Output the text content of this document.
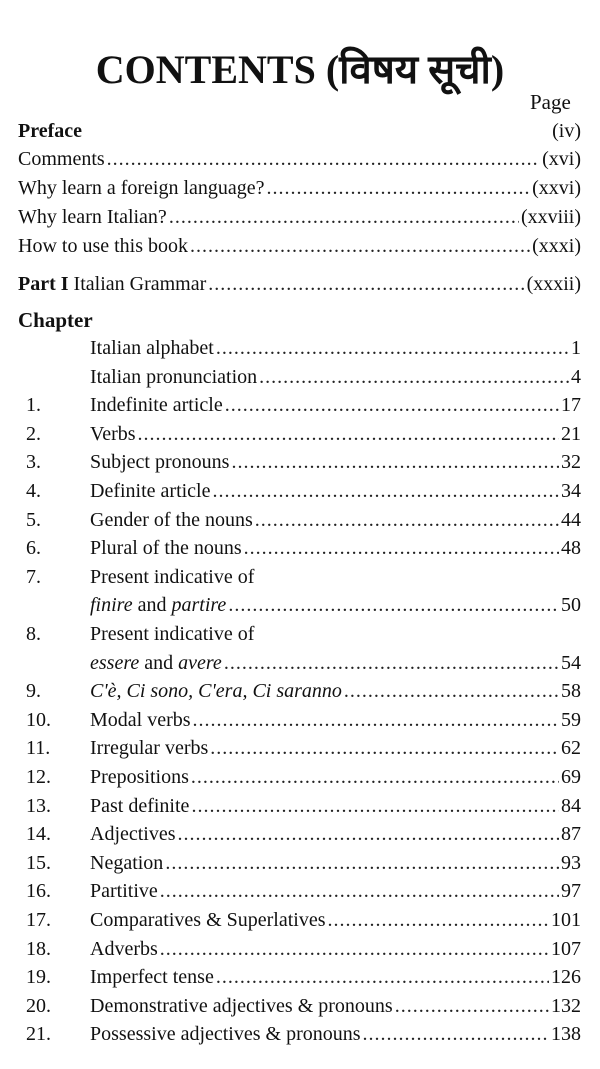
CONTENTS (विषय सूची)
Page
Preface	(iv)
Comments .....	(xvi)
Why learn a foreign language? .....	(xxvi)
Why learn Italian? .....	(xxviii)
How to use this book .....	(xxxi)
Part I Italian Grammar .....	(xxxii)
Chapter
Italian alphabet .....	1
Italian pronunciation .....	4
1.	Indefinite article .....	17
2.	Verbs .....	21
3.	Subject pronouns .....	32
4.	Definite article .....	34
5.	Gender of the nouns .....	44
6.	Plural of the nouns .....	48
7.	Present indicative of
finire and partire .....	50
8.	Present indicative of
essere and avere .....	54
9.	C'è, Ci sono, C'era, Ci saranno .....	58
10.	Modal verbs .....	59
11.	Irregular verbs .....	62
12.	Prepositions .....	69
13.	Past definite .....	84
14.	Adjectives .....	87
15.	Negation .....	93
16.	Partitive .....	97
17.	Comparatives & Superlatives .....	101
18.	Adverbs .....	107
19.	Imperfect tense .....	126
20.	Demonstrative adjectives & pronouns .....	132
21.	Possessive adjectives & pronouns .....	138
